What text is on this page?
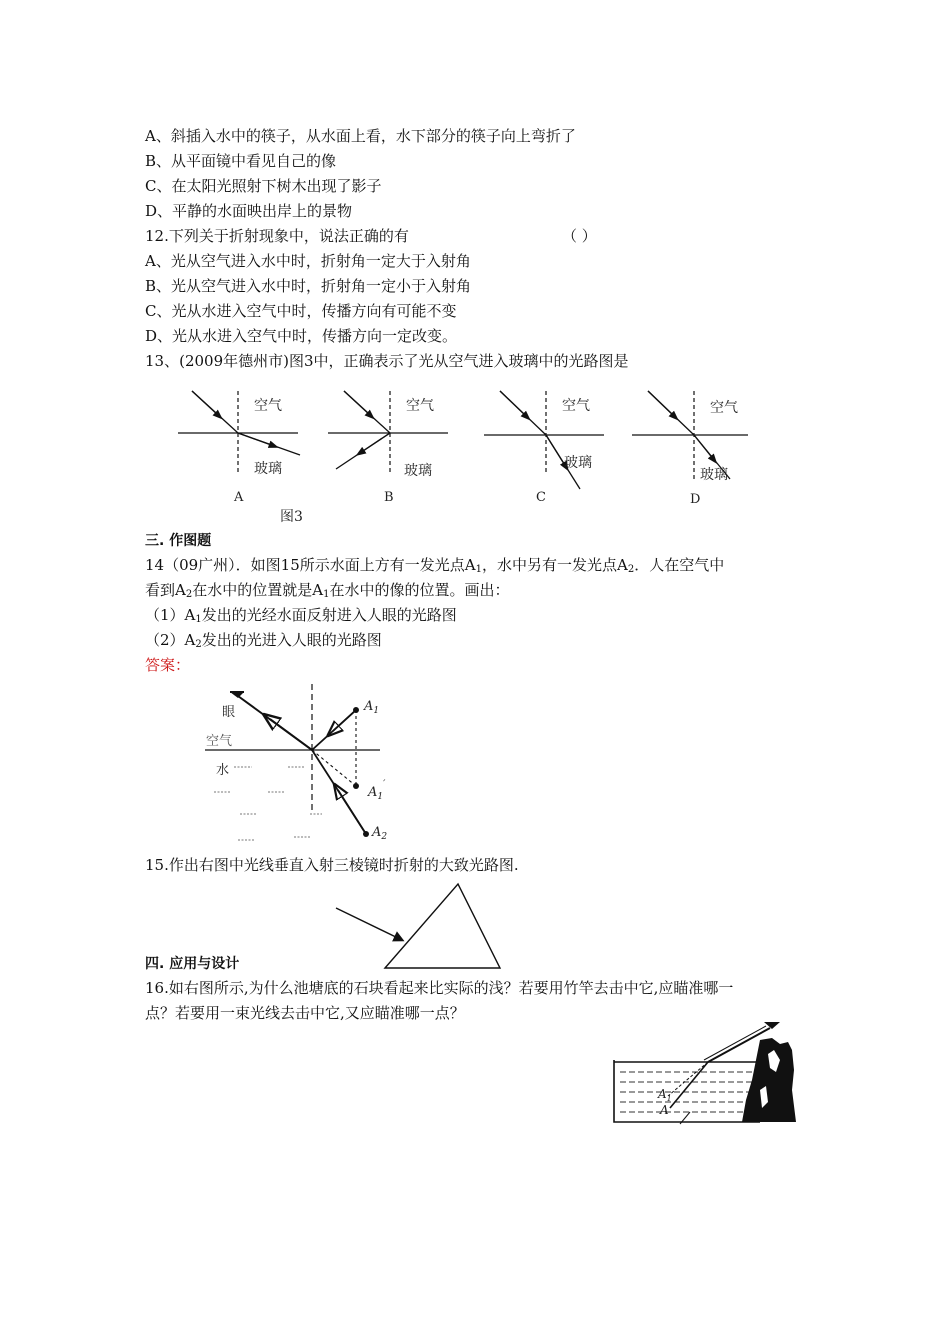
A、斜插入水中的筷子，从水面上看，水下部分的筷子向上弯折了
B、从平面镜中看见自己的像
C、在太阳光照射下树木出现了影子
D、平静的水面映出岸上的景物
12.下列关于折射现象中，说法正确的有	（ ）
A、光从空气进入水中时，折射角一定大于入射角
B、光从空气进入水中时，折射角一定小于入射角
C、光从水进入空气中时，传播方向有可能不变
D、光从水进入空气中时，传播方向一定改变。
13、(2009年德州市)图3中，正确表示了光从空气进入玻璃中的光路图是
空气
玻璃
A
空气
玻璃
B
空气
玻璃
C
空气
玻璃
D
图3
三. 作图题
14（09广州）．如图15所示水面上方有一发光点$A_1$，水中另有一发光点$A_2$．人在空气中
看到$A_2$在水中的位置就是$A_1$在水中的像的位置。画出：
$(1)A_1$发出的光经水面反射进入人眼的光路图
$(2)A_2$发出的光进入人眼的光路图
答案：
眼
空气
水
$A_1$
$A_1'$
$A_2$
15.作出右图中光线垂直入射三棱镜时折射的大致光路图.
四. 应用与设计
16.如右图所示,为什么池塘底的石块看起来比实际的浅？若要用竹竿去击中它,应瞄准哪一
点？若要用一束光线去击中它,又应瞄准哪一点？
$A_1$
A
